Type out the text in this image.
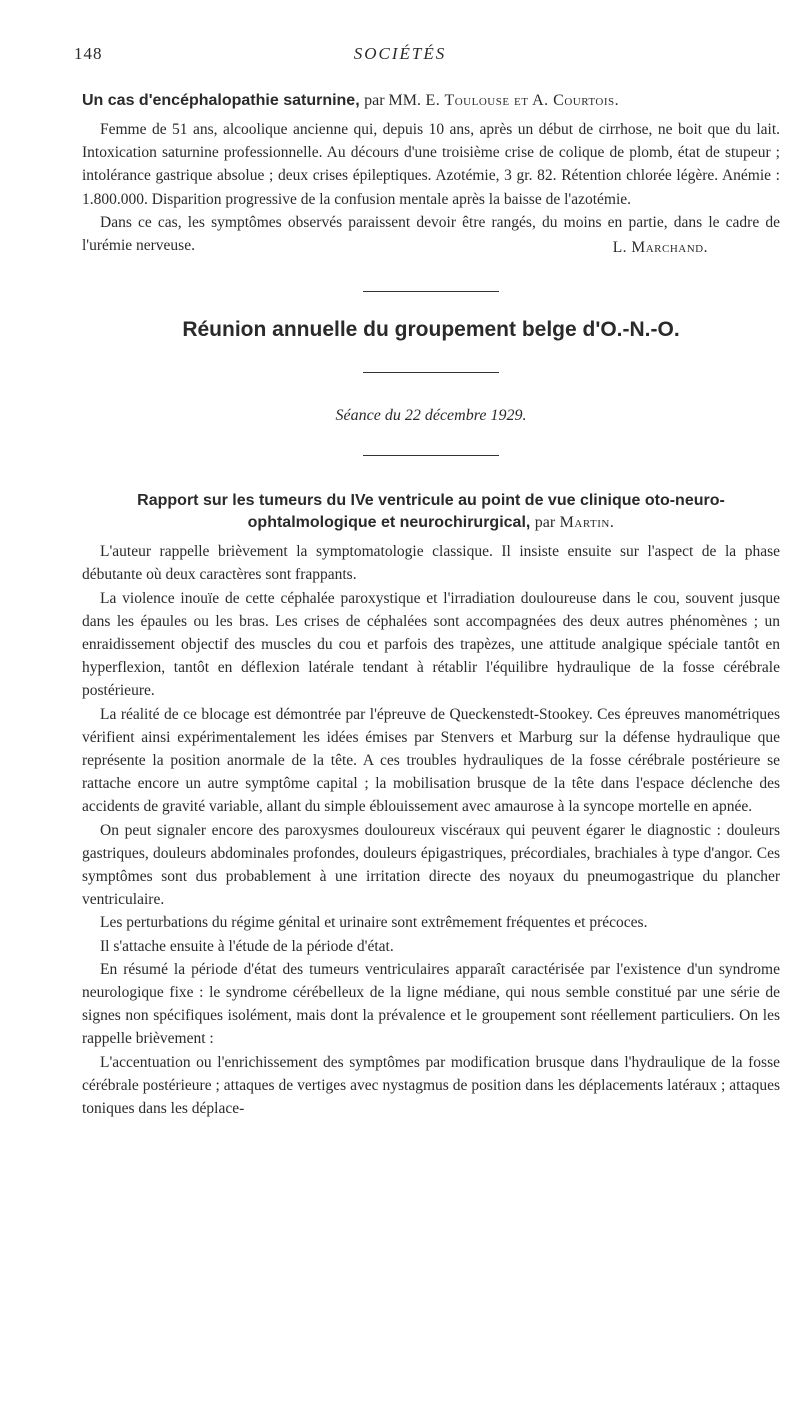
148	SOCIÉTÉS
Un cas d'encéphalopathie saturnine, par MM. E. Toulouse et A. Courtois.

Femme de 51 ans, alcoolique ancienne qui, depuis 10 ans, après un début de cirrhose, ne boit que du lait. Intoxication saturnine professionnelle. Au décours d'une troisième crise de colique de plomb, état de stupeur ; intolérance gastrique absolue ; deux crises épileptiques. Azotémie, 3 gr. 82. Rétention chlorée légère. Anémie : 1.800.000. Disparition progressive de la confusion mentale après la baisse de l'azotémie.

Dans ce cas, les symptômes observés paraissent devoir être rangés, du moins en partie, dans le cadre de l'urémie nerveuse.	L. Marchand.
Réunion annuelle du groupement belge d'O.-N.-O.
Séance du 22 décembre 1929.
Rapport sur les tumeurs du IVe ventricule au point de vue clinique oto-neuro-ophtalmologique et neurochirurgical, par Martin.

L'auteur rappelle brièvement la symptomatologie classique. Il insiste ensuite sur l'aspect de la phase débutante où deux caractères sont frappants.

La violence inouïe de cette céphalée paroxystique et l'irradiation douloureuse dans le cou, souvent jusque dans les épaules ou les bras. Les crises de céphalées sont accompagnées des deux autres phénomènes ; un enraidissement objectif des muscles du cou et parfois des trapèzes, une attitude analgique spéciale tantôt en hyperflexion, tantôt en déflexion latérale tendant à rétablir l'équilibre hydraulique de la fosse cérébrale postérieure.

La réalité de ce blocage est démontrée par l'épreuve de Queckenstedt-Stookey. Ces épreuves manométriques vérifient ainsi expérimentalement les idées émises par Stenvers et Marburg sur la défense hydraulique que représente la position anormale de la tête. A ces troubles hydrauliques de la fosse cérébrale postérieure se rattache encore un autre symptôme capital ; la mobilisation brusque de la tête dans l'espace déclenche des accidents de gravité variable, allant du simple éblouissement avec amaurose à la syncope mortelle en apnée.

On peut signaler encore des paroxysmes douloureux viscéraux qui peuvent égarer le diagnostic : douleurs gastriques, douleurs abdominales profondes, douleurs épigastriques, précordiales, brachiales à type d'angor. Ces symptômes sont dus probablement à une irritation directe des noyaux du pneumogastrique du plancher ventriculaire.

Les perturbations du régime génital et urinaire sont extrêmement fréquentes et précoces.

Il s'attache ensuite à l'étude de la période d'état.

En résumé la période d'état des tumeurs ventriculaires apparaît caractérisée par l'existence d'un syndrome neurologique fixe : le syndrome cérébelleux de la ligne médiane, qui nous semble constitué par une série de signes non spécifiques isolément, mais dont la prévalence et le groupement sont réellement particuliers. On les rappelle brièvement :

L'accentuation ou l'enrichissement des symptômes par modification brusque dans l'hydraulique de la fosse cérébrale postérieure ; attaques de vertiges avec nystagmus de position dans les déplacements latéraux ; attaques toniques dans les déplace-
